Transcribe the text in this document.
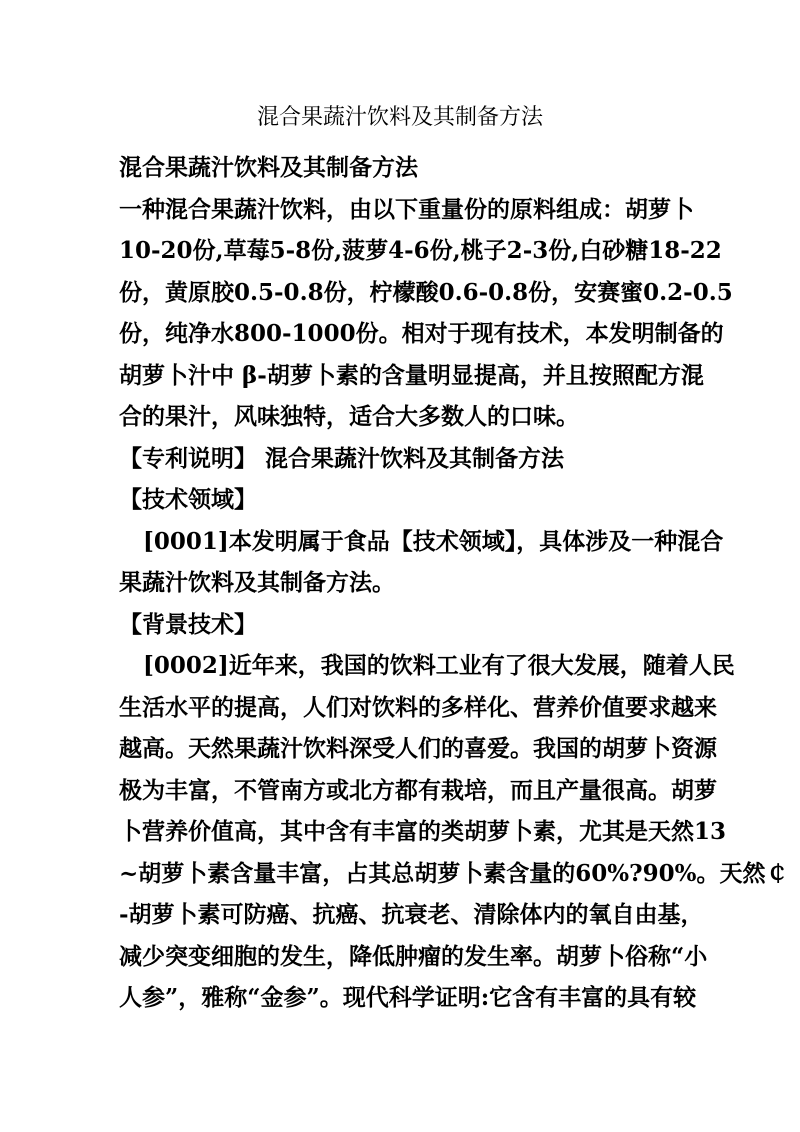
混合果蔬汁饮料及其制备方法
混合果蔬汁饮料及其制备方法
一种混合果蔬汁饮料，由以下重量份的原料组成：胡萝卜
10-20份,草莓5-8份,菠萝4-6份,桃子2-3份,白砂糖18-22
份，黄原胶0.5-0.8份，柠檬酸0.6-0.8份，安赛蜜0.2-0.5
份，纯净水800-1000份。相对于现有技术，本发明制备的
胡萝卜汁中 β-胡萝卜素的含量明显提高，并且按照配方混
合的果汁，风味独特，适合大多数人的口味。
【专利说明】 混合果蔬汁饮料及其制备方法
【技术领域】
[0001]本发明属于食品【技术领域】，具体涉及一种混合
果蔬汁饮料及其制备方法。
【背景技术】
[0002]近年来，我国的饮料工业有了很大发展，随着人民
生活水平的提高，人们对饮料的多样化、营养价值要求越来
越高。天然果蔬汁饮料深受人们的喜爱。我国的胡萝卜资源
极为丰富，不管南方或北方都有栽培，而且产量很高。胡萝
卜营养价值高，其中含有丰富的类胡萝卜素，尤其是天然13
~胡萝卜素含量丰富，占其总胡萝卜素含量的60%?90%。天然￠
-胡萝卜素可防癌、抗癌、抗衰老、清除体内的氧自由基，
减少突变细胞的发生，降低肿瘤的发生率。胡萝卜俗称“小
人参”，雅称“金参”。现代科学证明:它含有丰富的具有较
